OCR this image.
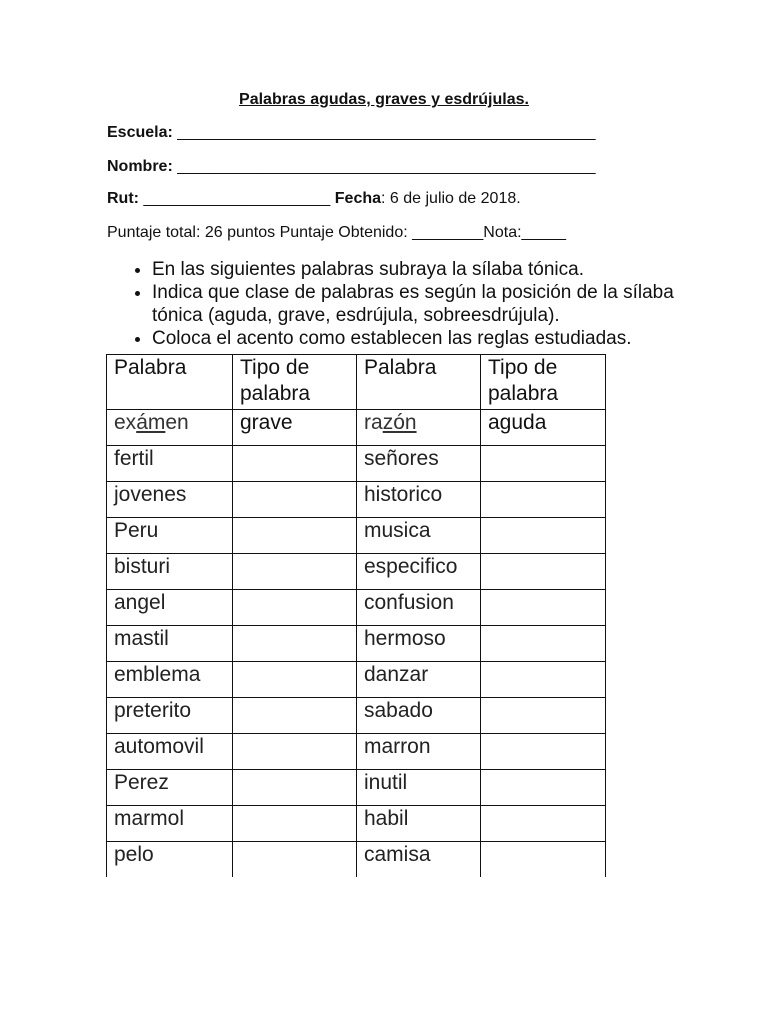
Palabras agudas, graves y esdrújulas.
Escuela: _______________________________________________
Nombre: _______________________________________________
Rut: _____________________ Fecha: 6 de julio de 2018.
Puntaje total: 26 puntos Puntaje Obtenido: ________Nota:_____
• En las siguientes palabras subraya la sílaba tónica.
• Indica que clase de palabras es según la posición de la sílaba tónica (aguda, grave, esdrújula, sobreesdrújula).
• Coloca el acento como establecen las reglas estudiadas.
Palabra	Tipo de palabra	Palabra	Tipo de palabra
exámen	grave	razón	aguda
fertil		señores	
jovenes		historico	
Peru		musica	
bisturi		especifico	
angel		confusion	
mastil		hermoso	
emblema		danzar	
preterito		sabado	
automovil		marron	
Perez		inutil	
marmol		habil	
pelo		camisa	
